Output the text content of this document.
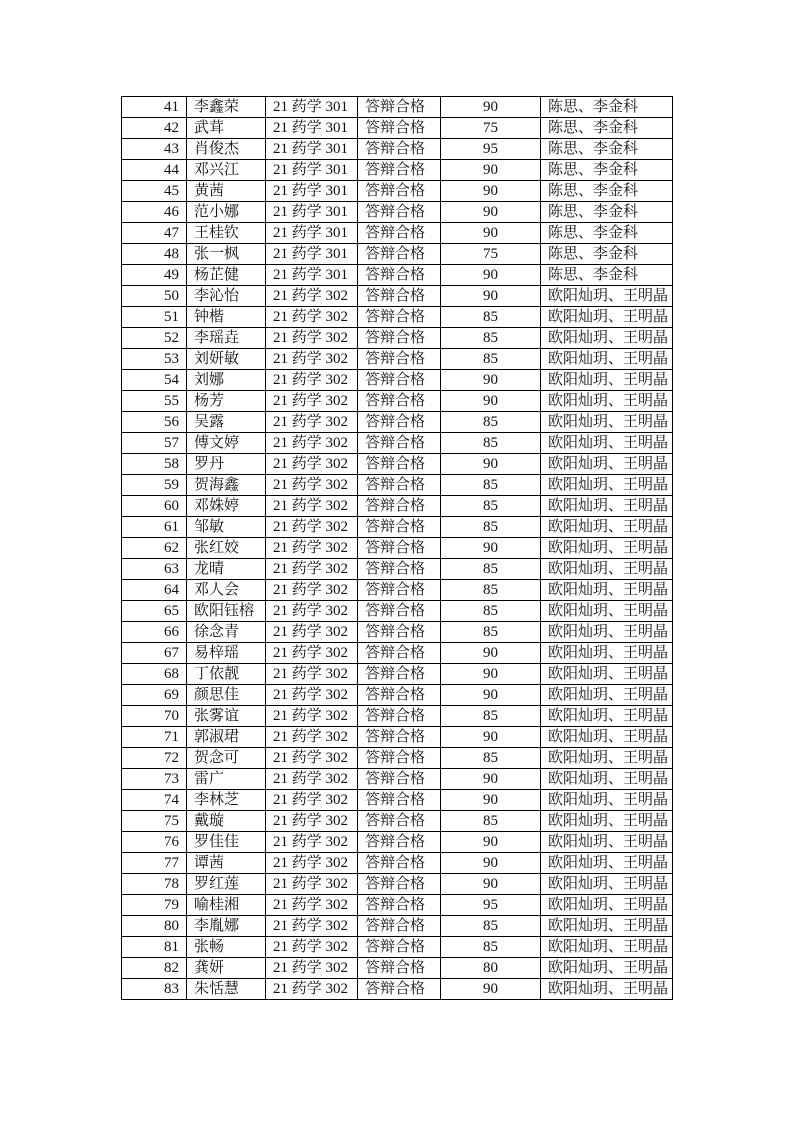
41	李鑫荣	21 药学 301	答辩合格	90	陈思、李金科
42	武茸	21 药学 301	答辩合格	75	陈思、李金科
43	肖俊杰	21 药学 301	答辩合格	95	陈思、李金科
44	邓兴江	21 药学 301	答辩合格	90	陈思、李金科
45	黄茜	21 药学 301	答辩合格	90	陈思、李金科
46	范小娜	21 药学 301	答辩合格	90	陈思、李金科
47	王桂钦	21 药学 301	答辩合格	90	陈思、李金科
48	张一枫	21 药学 301	答辩合格	75	陈思、李金科
49	杨芷健	21 药学 301	答辩合格	90	陈思、李金科
50	李沁怡	21 药学 302	答辩合格	90	欧阳灿玥、王明晶
51	钟楷	21 药学 302	答辩合格	85	欧阳灿玥、王明晶
52	李瑶垚	21 药学 302	答辩合格	85	欧阳灿玥、王明晶
53	刘妍敏	21 药学 302	答辩合格	85	欧阳灿玥、王明晶
54	刘娜	21 药学 302	答辩合格	90	欧阳灿玥、王明晶
55	杨芳	21 药学 302	答辩合格	90	欧阳灿玥、王明晶
56	吴露	21 药学 302	答辩合格	85	欧阳灿玥、王明晶
57	傅文婷	21 药学 302	答辩合格	85	欧阳灿玥、王明晶
58	罗丹	21 药学 302	答辩合格	90	欧阳灿玥、王明晶
59	贺海鑫	21 药学 302	答辩合格	85	欧阳灿玥、王明晶
60	邓姝婷	21 药学 302	答辩合格	85	欧阳灿玥、王明晶
61	邹敏	21 药学 302	答辩合格	85	欧阳灿玥、王明晶
62	张红姣	21 药学 302	答辩合格	90	欧阳灿玥、王明晶
63	龙晴	21 药学 302	答辩合格	85	欧阳灿玥、王明晶
64	邓人会	21 药学 302	答辩合格	85	欧阳灿玥、王明晶
65	欧阳钰榕	21 药学 302	答辩合格	85	欧阳灿玥、王明晶
66	徐念青	21 药学 302	答辩合格	85	欧阳灿玥、王明晶
67	易梓瑶	21 药学 302	答辩合格	90	欧阳灿玥、王明晶
68	丁依靓	21 药学 302	答辩合格	90	欧阳灿玥、王明晶
69	颜思佳	21 药学 302	答辩合格	90	欧阳灿玥、王明晶
70	张雾谊	21 药学 302	答辩合格	85	欧阳灿玥、王明晶
71	郭淑珺	21 药学 302	答辩合格	90	欧阳灿玥、王明晶
72	贺念可	21 药学 302	答辩合格	85	欧阳灿玥、王明晶
73	雷广	21 药学 302	答辩合格	90	欧阳灿玥、王明晶
74	李林芝	21 药学 302	答辩合格	90	欧阳灿玥、王明晶
75	戴璇	21 药学 302	答辩合格	85	欧阳灿玥、王明晶
76	罗佳佳	21 药学 302	答辩合格	90	欧阳灿玥、王明晶
77	谭茜	21 药学 302	答辩合格	90	欧阳灿玥、王明晶
78	罗红莲	21 药学 302	答辩合格	90	欧阳灿玥、王明晶
79	喻桂湘	21 药学 302	答辩合格	95	欧阳灿玥、王明晶
80	李胤娜	21 药学 302	答辩合格	85	欧阳灿玥、王明晶
81	张畅	21 药学 302	答辩合格	85	欧阳灿玥、王明晶
82	龚妍	21 药学 302	答辩合格	80	欧阳灿玥、王明晶
83	朱恬慧	21 药学 302	答辩合格	90	欧阳灿玥、王明晶
